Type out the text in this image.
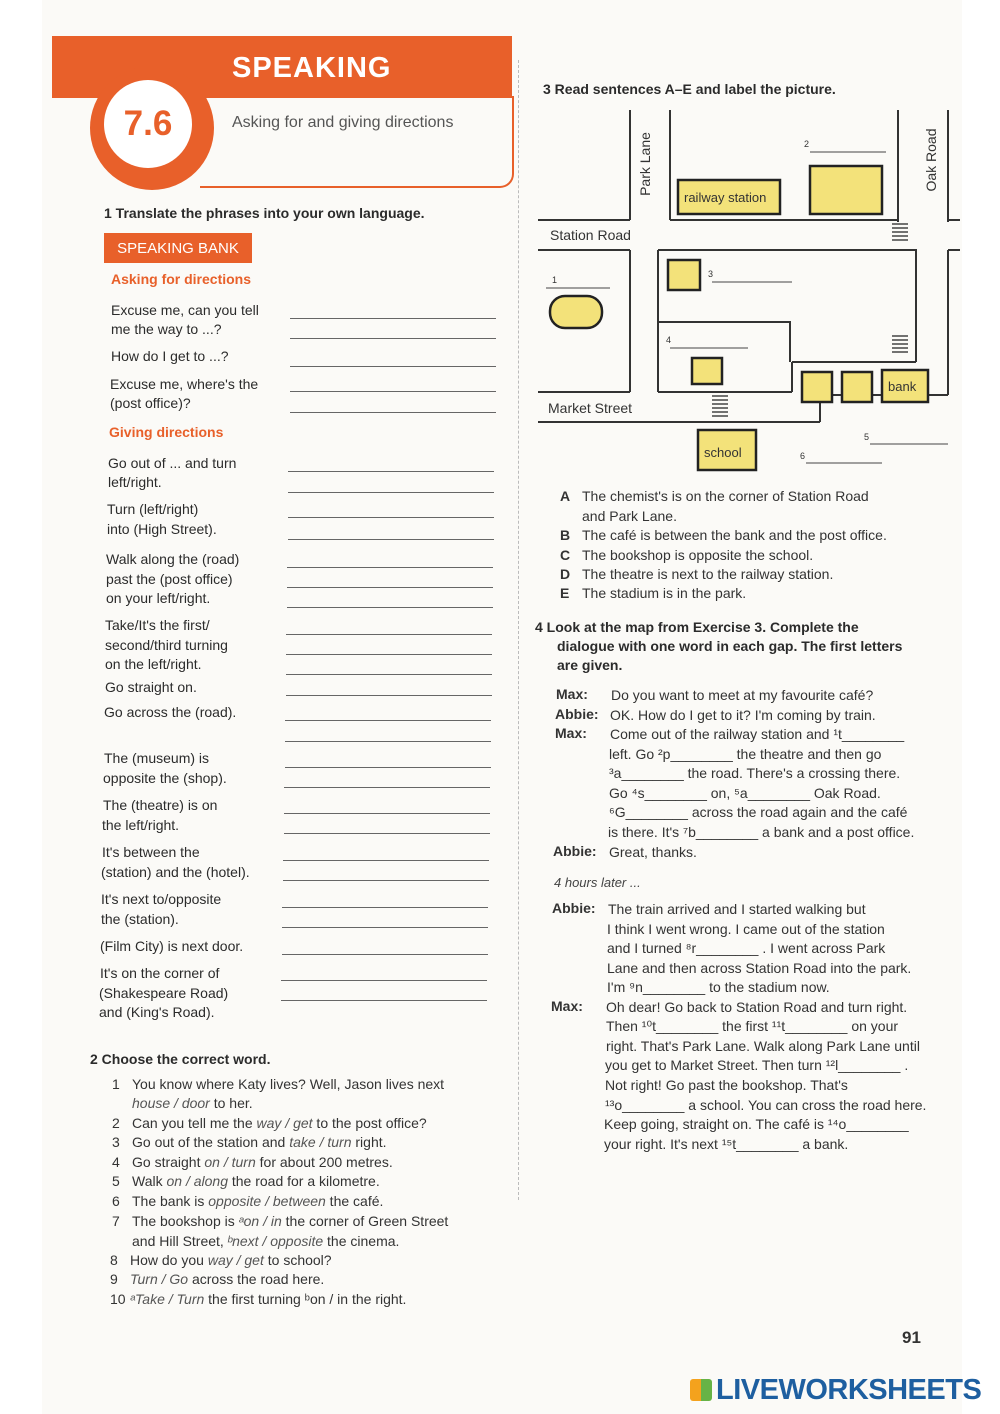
SPEAKING
7.6	Asking for and giving directions
1 Translate the phrases into your own language.
SPEAKING BANK
Asking for directions
Excuse me, can you tell
me the way to ...?
How do I get to ...?
Excuse me, where's the
(post office)?
Giving directions
Go out of ... and turn
left/right.
Turn (left/right)
into (High Street).
Walk along the (road)
past the (post office)
on your left/right.
Take/It's the first/
second/third turning
on the left/right.
Go straight on.
Go across the (road).
The (museum) is
opposite the (shop).
The (theatre) is on
the left/right.
It's between the
(station) and the (hotel).
It's next to/opposite
the (station).
(Film City) is next door.
It's on the corner of
(Shakespeare Road)
and (King's Road).
2 Choose the correct word.
1 You know where Katy lives? Well, Jason lives next
house / door to her.
2 Can you tell me the way / get to the post office?
3 Go out of the station and take / turn right.
4 Go straight on / turn for about 200 metres.
5 Walk on / along the road for a kilometre.
6 The bank is opposite / between the café.
7 The bookshop is ᵃon / in the corner of Green Street
and Hill Street, ᵇnext / opposite the cinema.
8 How do you way / get to school?
9 Turn / Go across the road here.
10 ᵃTake / Turn the first turning ᵇon / in the right.
3 Read sentences A–E and label the picture.
Park Lane	Oak Road
Station Road
Market Street
railway station
bank
school
1
2
3
4
5
6
A The chemist's is on the corner of Station Road
and Park Lane.
B The café is between the bank and the post office.
C The bookshop is opposite the school.
D The theatre is next to the railway station.
E The stadium is in the park.
4 Look at the map from Exercise 3. Complete the
dialogue with one word in each gap. The first letters
are given.
Max:
Abbie:
Max:
Abbie:
4 hours later ...
Abbie:
Max:
Do you want to meet at my favourite café?
OK. How do I get to it? I'm coming by train.
Come out of the railway station and ¹t________
left. Go ²p________ the theatre and then go
³a________ the road. There's a crossing there.
Go ⁴s________ on, ⁵a________ Oak Road.
⁶G________ across the road again and the café
is there. It's ⁷b________ a bank and a post office.
Great, thanks.
The train arrived and I started walking but
I think I went wrong. I came out of the station
and I turned ⁸r________ . I went across Park
Lane and then across Station Road into the park.
I'm ⁹n________ to the stadium now.
Oh dear! Go back to Station Road and turn right.
Then ¹⁰t________ the first ¹¹t________ on your
right. That's Park Lane. Walk along Park Lane until
you get to Market Street. Then turn ¹²l________ .
Not right! Go past the bookshop. That's
¹³o________ a school. You can cross the road here.
Keep going, straight on. The café is ¹⁴o________
your right. It's next ¹⁵t________ a bank.
91
LIVEWORKSHEETS
